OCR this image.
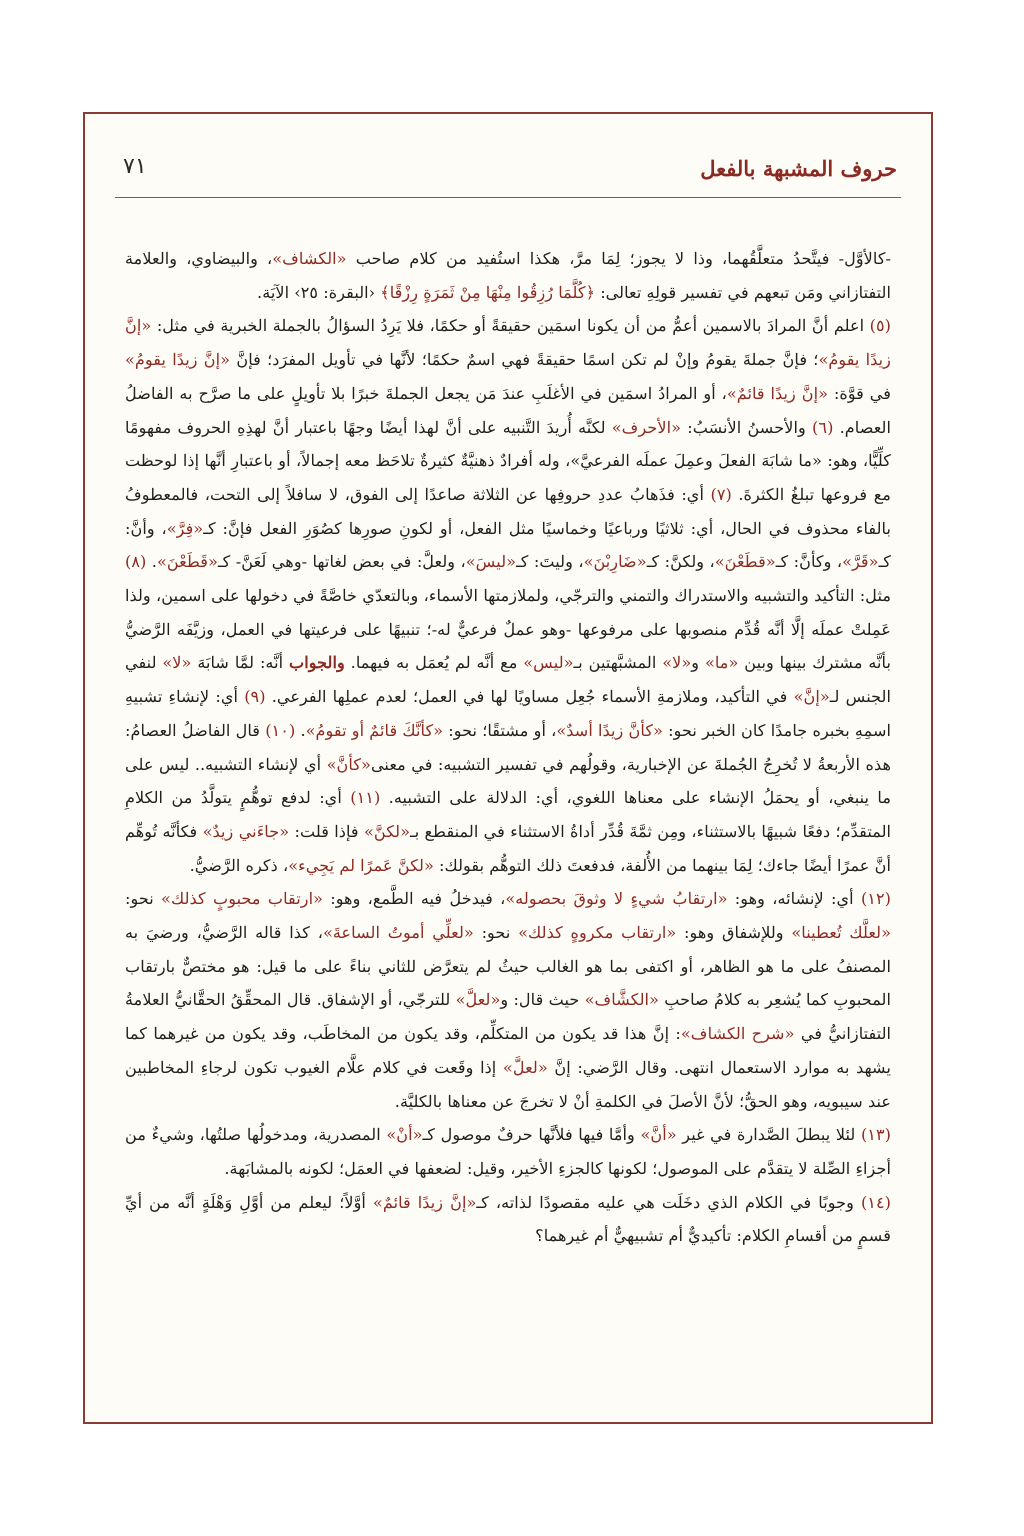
حروف المشبهة بالفعل
٧١

-كالأوَّل- فيتَّحدُ متعلَّقُهما، وذا لا يجوز؛ لِمَا مرَّ، هكذا استُفيد من كلام صاحب «الكشاف»، والبيضاوي، والعلامة التفتازاني ومَن تبعهم في تفسير قولِهِ تعالى: ﴿كُلَّمَا رُزِقُوا مِنْهَا مِنْ ثَمَرَةٍ رِزْقًا﴾ ‹البقرة: ٢٥› الآيَة.

(٥) اعلم أنَّ المرادَ بالاسمين أعمُّ من أن يكونا اسمَين حقيقةً أو حكمًا، فلا يَرِدُ السؤالُ بالجملة الخبرية في مثل: «إنَّ زيدًا يقومُ»؛ فإنَّ جملةَ يقومُ وإنْ لم تكن اسمًا حقيقةً فهي اسمٌ حكمًا؛ لأنَّها في تأويل المفرَد؛ فإنَّ «إنَّ زيدًا يقومُ» في قوَّة: «إنَّ زيدًا قائمٌ»، أو المرادُ اسمَين في الأغلَبِ عندَ مَن يجعل الجملةَ خبرًا بلا تأويلٍ على ما صرَّح به الفاضلُ العصام. (٦) والأحسنُ الأنسَبُ: «الأحرف» لكنَّه أُريدَ التَّنبيه على أنَّ لهذا أيضًا وجهًا باعتبار أنَّ لهذِهِ الحروف مفهومًا كلِّيًّا، وهو: «ما شابَهَ الفعلَ وعمِلَ عملَه الفرعيَّ»، وله أفرادٌ ذهنيَّةٌ كثيرةٌ تلاحَظ معه إجمالاً، أو باعتبارِ أنَّها إذا لوحظت مع فروعها تبلغُ الكثرةَ. (٧) أي: فذَهابُ عددِ حروفِها عن الثلاثة صاعدًا إلى الفوق، لا سافلاً إلى التحت، فالمعطوفُ بالفاء محذوف في الحال، أي: ثلاثيًا ورباعيًا وخماسيًا مثل الفعل، أو لكونِ صورِها كصُوَرِ الفعل فإنَّ: كـ«فِرَّ»، وأنَّ: كـ«قَرَّ»، وكأنَّ: كـ«قطَعْنَ»، ولكنَّ: كـ«ضَارِبْنَ»، وليتَ: كـ«ليسَ»، ولعلَّ: في بعض لغاتها -وهي لَعَنَّ- كـ«قَطَعْنَ». (٨) مثل: التأكيد والتشبيه والاستدراك والتمني والترجّي، ولملازمتها الأسماء، وبالتعدّي خاصَّةً في دخولها على اسمين، ولذا عَمِلتْ عملَه إلَّا أنَّه قُدِّم منصوبها على مرفوعها -وهو عملٌ فرعيٌّ له-؛ تنبيهًا على فرعيتها في العمل، وزيَّفَه الرَّضيُّ بأنَّه مشترك بينها وبين «ما» و«لا» المشبَّهتين بـ«ليس» مع أنَّه لم يُعمَل به فيهما. والجواب أنَّه: لمَّا شابَهَ «لا» لنفي الجنس لـ«إنَّ» في التأكيد، وملازمةِ الأسماء جُعِل مساويًا لها في العمل؛ لعدم عملِها الفرعي. (٩) أي: لإنشاءِ تشبيهِ اسمِهِ بخبره جامدًا كان الخبر نحو: «كأنَّ زيدًا أسدٌ»، أو مشتقًا؛ نحو: «كأنَّكَ قائمٌ أو تقومُ». (١٠) قال الفاضلُ العصامُ: هذه الأربعةُ لا تُخرِجُ الجُملةَ عن الإخبارية، وقولُهم في تفسير التشبيه: في معنى«كأنَّ» أي لإنشاء التشبيه.. ليس على ما ينبغي، أو يحمَلُ الإنشاء على معناها اللغوي، أي: الدلالة على التشبيه. (١١) أي: لدفع توهُّمٍ يتولَّدُ من الكلامِ المتقدِّم؛ دفعًا شبيهًا بالاستثناء، ومِن ثمَّةَ قُدِّر أداةُ الاستثناء في المنقطع بـ«لكنَّ» فإذا قلت: «جاءَني زيدٌ» فكأنَّه تُوهِّم أنَّ عمرًا أيضًا جاءك؛ لِمَا بينهما من الأُلفة، فدفعتَ ذلك التوهُّم بقولك: «لكنَّ عَمرًا لم يَجِيء»، ذكره الرَّضيُّ.

(١٢) أي: لإنشائه، وهو: «ارتقابُ شيءٍ لا وثوقَ بحصوله»، فيدخلُ فيه الطَّمع، وهو: «ارتقاب محبوبٍ كذلك» نحو: «لعلَّك تُعطينا» وللإشفاق وهو: «ارتقاب مكروهٍ كذلك» نحو: «لعلِّي أموتُ الساعةَ»، كذا قاله الرَّضيُّ، ورضيَ به المصنفُ على ما هو الظاهر، أو اكتفى بما هو الغالب حيثُ لم يتعرَّض للثاني بناءً على ما قيل: هو مختصٌّ بارتقاب المحبوبِ كما يُشعِر به كلامُ صاحبِ «الكشَّاف» حيث قال: و«لعلَّ» للترجّي، أو الإشفاق. قال المحقِّقُ الحقَّانيُّ العلامةُ التفتازانيُّ في «شرح الكشاف»: إنَّ هذا قد يكون من المتكلِّم، وقد يكون من المخاطَب، وقد يكون من غيرهما كما يشهد به موارد الاستعمال انتهى. وقال الرَّضي: إنَّ «لعلَّ» إذا وقَعت في كلام علَّام الغيوب تكون لرجاءِ المخاطبين عند سيبويه، وهو الحقُّ؛ لأنَّ الأصلَ في الكلمةِ أنْ لا تخرجَ عن معناها بالكليَّة.

(١٣) لئلا يبطلَ الصَّدارة في غير «أنَّ» وأمَّا فيها فلأنَّها حرفٌ موصول كـ«أنْ» المصدرية، ومدخولُها صلتُها، وشيءٌ من أجزاءِ الصِّلة لا يتقدَّم على الموصول؛ لكونها كالجزءِ الأخير، وقيل: لضعفها في العمَل؛ لكونه بالمشابَهة.

(١٤) وجوبًا في الكلام الذي دخَلَت هي عليه مقصودًا لذاته، كـ«إنَّ زيدًا قائمٌ» أوَّلاً؛ ليعلم من أوَّلِ وَهْلَةٍ أنَّه من أيِّ قسمٍ من أقسامِ الكلام: تأكيديٌّ أم تشبيهيٌّ أم غيرهما؟
